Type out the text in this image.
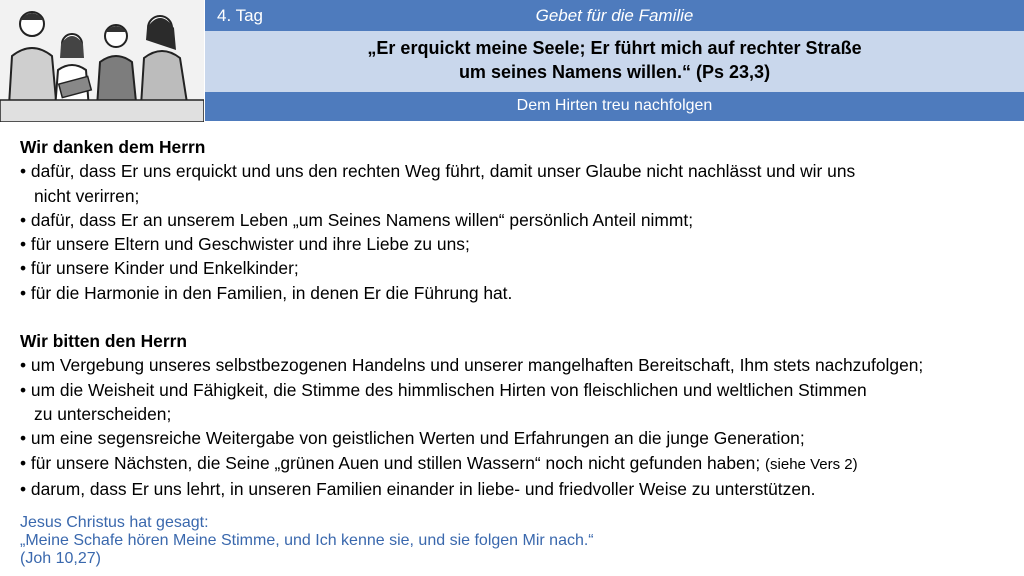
4. Tag	Gebet für die Familie
„Er erquickt meine Seele; Er führt mich auf rechter Straße
um seines Namens willen.“ (Ps 23,3)
Dem Hirten treu nachfolgen
Wir danken dem Herrn
• dafür, dass Er uns erquickt und uns den rechten Weg führt, damit unser Glaube nicht nachlässt und wir uns
nicht verirren;
• dafür, dass Er an unserem Leben „um Seines Namens willen“ persönlich Anteil nimmt;
• für unsere Eltern und Geschwister und ihre Liebe zu uns;
• für unsere Kinder und Enkelkinder;
• für die Harmonie in den Familien, in denen Er die Führung hat.
Wir bitten den Herrn
• um Vergebung unseres selbstbezogenen Handelns und unserer mangelhaften Bereitschaft, Ihm stets nachzufolgen;
• um die Weisheit und Fähigkeit, die Stimme des himmlischen Hirten von fleischlichen und weltlichen Stimmen
zu unterscheiden;
• um eine segensreiche Weitergabe von geistlichen Werten und Erfahrungen an die junge Generation;
• für unsere Nächsten, die Seine „grünen Auen und stillen Wassern“ noch nicht gefunden haben; (siehe Vers 2)
• darum, dass Er uns lehrt, in unseren Familien einander in liebe- und friedvoller Weise zu unterstützen.
Jesus Christus hat gesagt:
„Meine Schafe hören Meine Stimme, und Ich kenne sie, und sie folgen Mir nach.“
(Joh 10,27)
